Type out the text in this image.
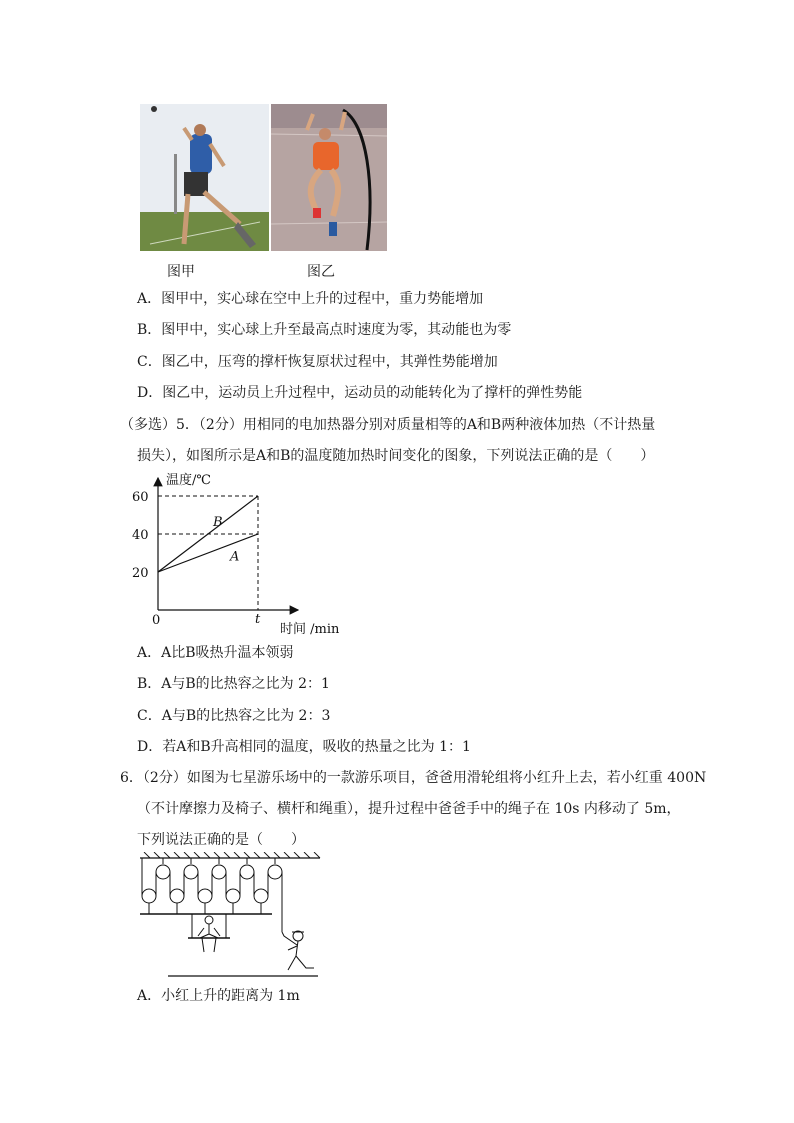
图甲	图乙
A．图甲中，实心球在空中上升的过程中，重力势能增加
B．图甲中，实心球上升至最高点时速度为零，其动能也为零
C．图乙中，压弯的撑杆恢复原状过程中，其弹性势能增加
D．图乙中，运动员上升过程中，运动员的动能转化为了撑杆的弹性势能
（多选）5．（2分）用相同的电加热器分别对质量相等的A和B两种液体加热（不计热量
损失），如图所示是A和B的温度随加热时间变化的图象，下列说法正确的是（　　）
温度/℃
时间 /min
0	t
20
40
60
B
A
A．A比B吸热升温本领弱
B．A与B的比热容之比为 2：1
C．A与B的比热容之比为 2：3
D．若A和B升高相同的温度，吸收的热量之比为 1：1
6．（2分）如图为七星游乐场中的一款游乐项目，爸爸用滑轮组将小红升上去，若小红重 400N
（不计摩擦力及椅子、横杆和绳重），提升过程中爸爸手中的绳子在 10s 内移动了 5m，
下列说法正确的是（　　）
A．小红上升的距离为 1m
